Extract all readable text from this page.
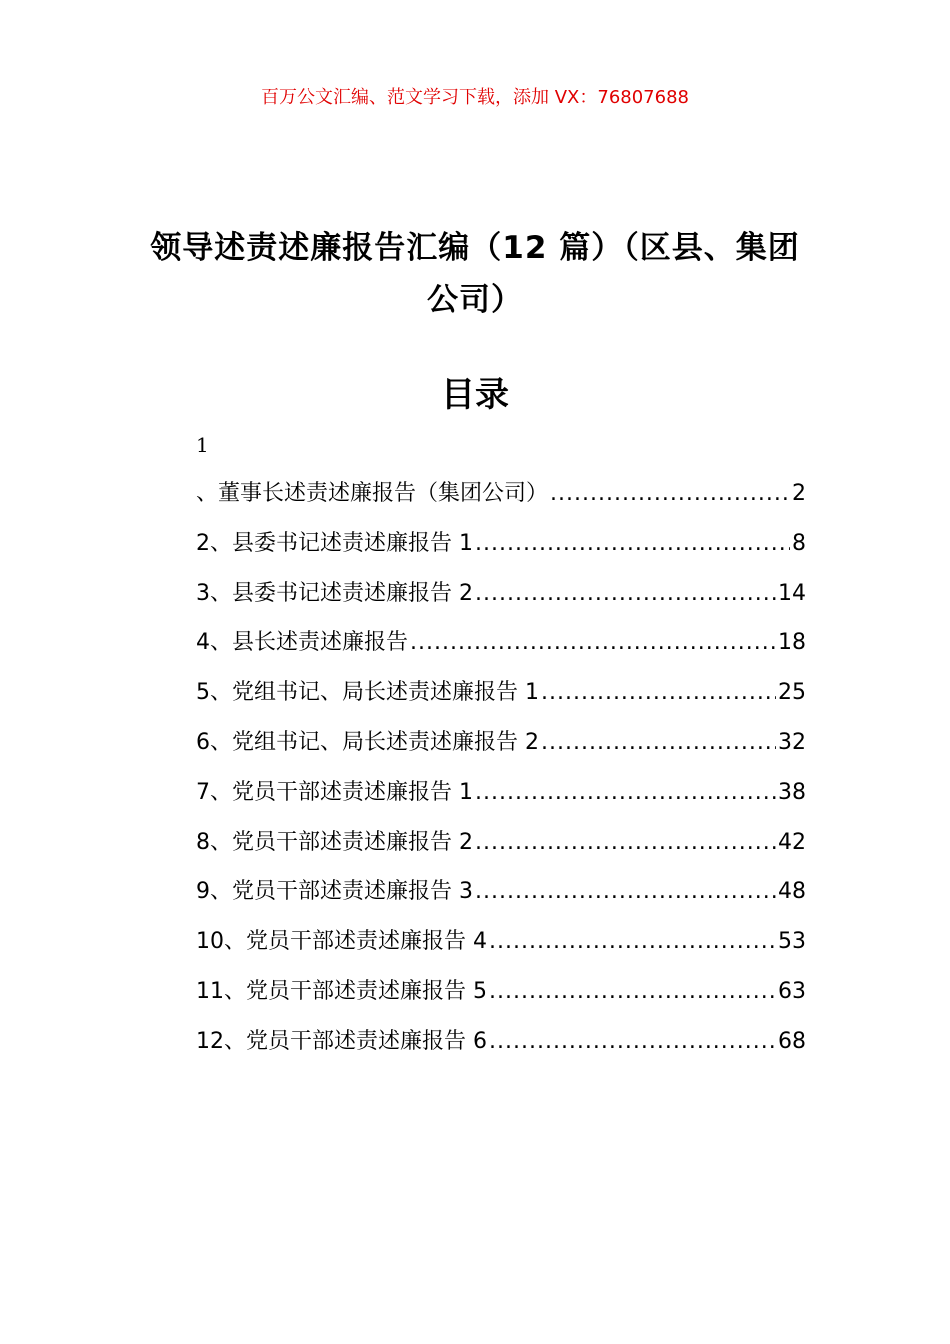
百万公文汇编、范文学习下载，添加 VX：76807688
领导述责述廉报告汇编（12 篇）（区县、集团公司）
目录
1
、董事长述责述廉报告（集团公司） .....	2
2、县委书记述责述廉报告 1 .....	8
3、县委书记述责述廉报告 2 .....	14
4、县长述责述廉报告 .....	18
5、党组书记、局长述责述廉报告 1 .....	25
6、党组书记、局长述责述廉报告 2 .....	32
7、党员干部述责述廉报告 1 .....	38
8、党员干部述责述廉报告 2 .....	42
9、党员干部述责述廉报告 3 .....	48
10、党员干部述责述廉报告 4 .....	53
11、党员干部述责述廉报告 5 .....	63
12、党员干部述责述廉报告 6 .....	68
